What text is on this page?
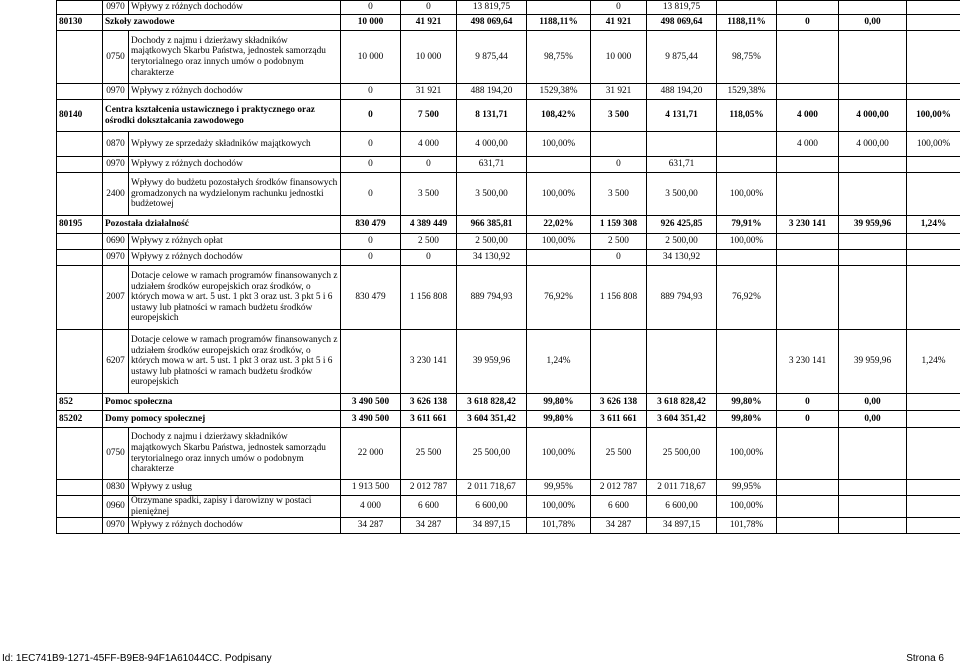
	0970	Wpływy z różnych dochodów	0	0	13 819,75		0	13 819,75				
80130	Szkoły zawodowe		10 000	41 921	498 069,64	1188,11%	41 921	498 069,64	1188,11%	0	0,00	
	0750	Dochody z najmu i dzierżawy składników majątkowych Skarbu Państwa, jednostek samorządu terytorialnego oraz innych umów o podobnym charakterze	10 000	10 000	9 875,44	98,75%	10 000	9 875,44	98,75%			
	0970	Wpływy z różnych dochodów	0	31 921	488 194,20	1529,38%	31 921	488 194,20	1529,38%			
80140	Centra kształcenia ustawicznego i praktycznego oraz ośrodki dokształcania zawodowego		0	7 500	8 131,71	108,42%	3 500	4 131,71	118,05%	4 000	4 000,00	100,00%
	0870	Wpływy ze sprzedaży składników majątkowych	0	4 000	4 000,00	100,00%				4 000	4 000,00	100,00%
	0970	Wpływy z różnych dochodów	0	0	631,71		0	631,71				
	2400	Wpływy do budżetu pozostałych środków finansowych gromadzonych na wydzielonym rachunku jednostki budżetowej	0	3 500	3 500,00	100,00%	3 500	3 500,00	100,00%			
80195	Pozostała działalność		830 479	4 389 449	966 385,81	22,02%	1 159 308	926 425,85	79,91%	3 230 141	39 959,96	1,24%
	0690	Wpływy z różnych opłat	0	2 500	2 500,00	100,00%	2 500	2 500,00	100,00%			
	0970	Wpływy z różnych dochodów	0	0	34 130,92		0	34 130,92				
	2007	Dotacje celowe w ramach programów finansowanych z udziałem środków europejskich oraz środków, o których mowa w art. 5 ust. 1 pkt 3 oraz ust. 3 pkt 5 i 6 ustawy lub płatności w ramach budżetu środków europejskich	830 479	1 156 808	889 794,93	76,92%	1 156 808	889 794,93	76,92%			
	6207	Dotacje celowe w ramach programów finansowanych z udziałem środków europejskich oraz środków, o których mowa w art. 5 ust. 1 pkt 3 oraz ust. 3 pkt 5 i 6 ustawy lub płatności w ramach budżetu środków europejskich		3 230 141	39 959,96	1,24%				3 230 141	39 959,96	1,24%
852	Pomoc społeczna		3 490 500	3 626 138	3 618 828,42	99,80%	3 626 138	3 618 828,42	99,80%	0	0,00	
85202	Domy pomocy społecznej		3 490 500	3 611 661	3 604 351,42	99,80%	3 611 661	3 604 351,42	99,80%	0	0,00	
	0750	Dochody z najmu i dzierżawy składników majątkowych Skarbu Państwa, jednostek samorządu terytorialnego oraz innych umów o podobnym charakterze	22 000	25 500	25 500,00	100,00%	25 500	25 500,00	100,00%			
	0830	Wpływy z usług	1 913 500	2 012 787	2 011 718,67	99,95%	2 012 787	2 011 718,67	99,95%			
	0960	Otrzymane spadki, zapisy i darowizny w postaci pieniężnej	4 000	6 600	6 600,00	100,00%	6 600	6 600,00	100,00%			
	0970	Wpływy z różnych dochodów	34 287	34 287	34 897,15	101,78%	34 287	34 897,15	101,78%			
Id: 1EC741B9-1271-45FF-B9E8-94F1A61044CC. Podpisany	Strona 6
